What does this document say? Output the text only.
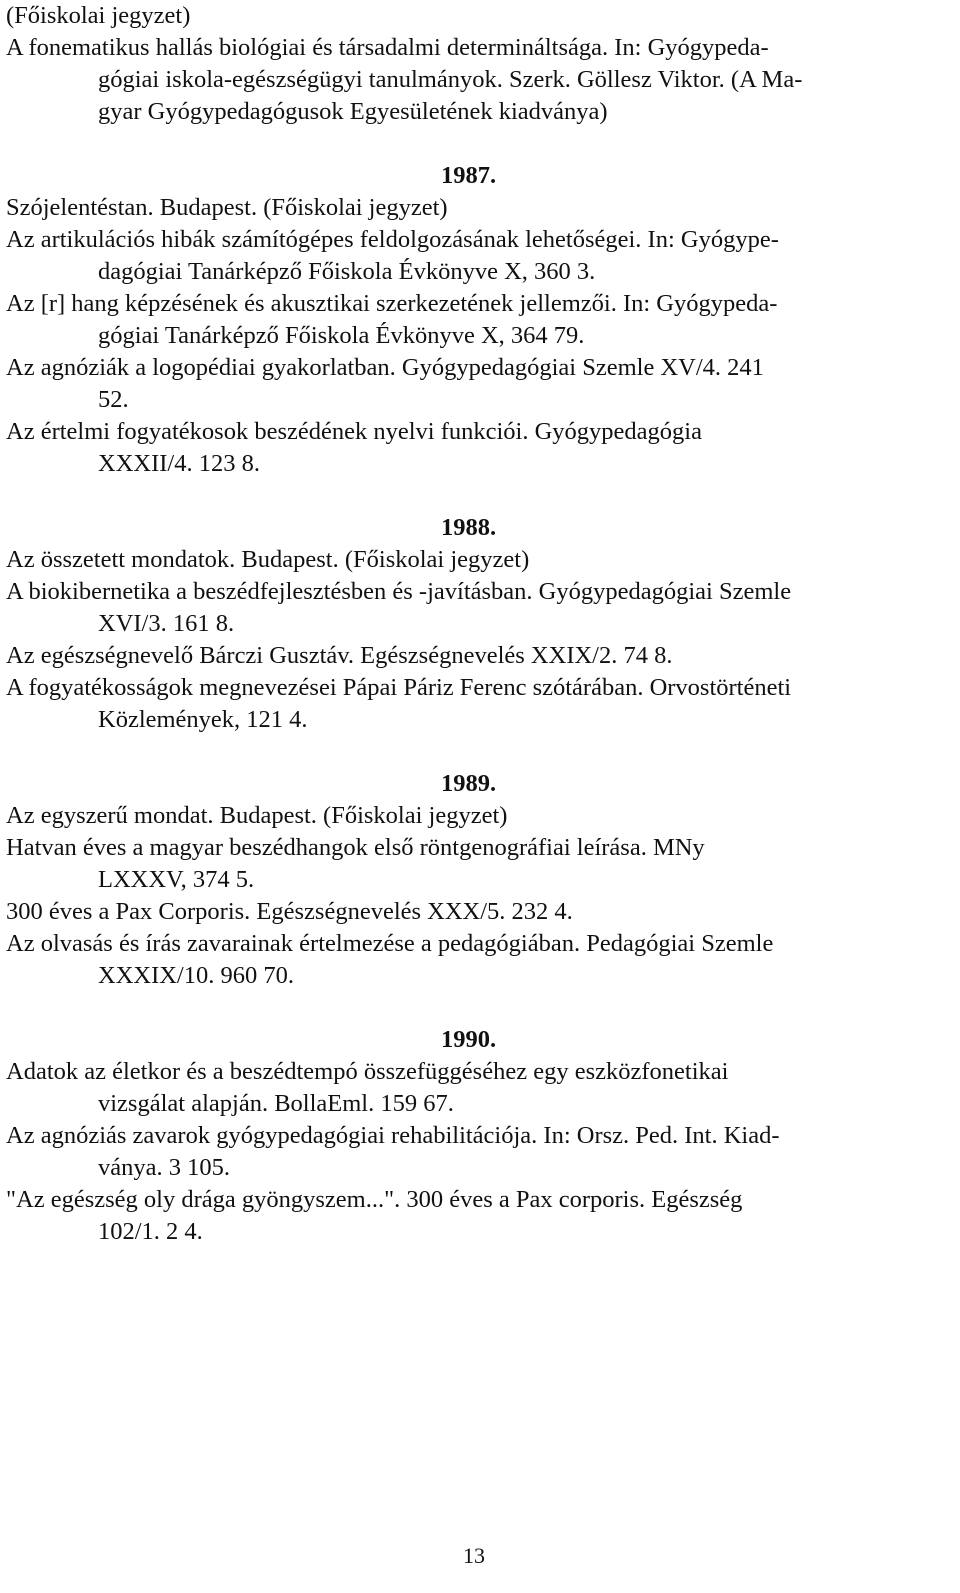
(Főiskolai jegyzet)
A fonematikus hallás biológiai és társadalmi determináltsága. In: Gyógypeda-
gógiai iskola-egészségügyi tanulmányok. Szerk. Göllesz Viktor. (A Ma-
gyar Gyógypedagógusok Egyesületének kiadványa)
1987.
Szójelentéstan. Budapest. (Főiskolai jegyzet)
Az artikulációs hibák számítógépes feldolgozásának lehetőségei. In: Gyógype-
dagógiai Tanárképző Főiskola Évkönyve X, 360 3.
Az [r] hang képzésének és akusztikai szerkezetének jellemzői. In: Gyógypeda-
gógiai Tanárképző Főiskola Évkönyve X, 364 79.
Az agnóziák a logopédiai gyakorlatban. Gyógypedagógiai Szemle XV/4. 241
52.
Az értelmi fogyatékosok beszédének nyelvi funkciói. Gyógypedagógia
XXXII/4. 123 8.
1988.
Az összetett mondatok. Budapest. (Főiskolai jegyzet)
A biokibernetika a beszédfejlesztésben és -javításban. Gyógypedagógiai Szemle
XVI/3. 161 8.
Az egészségnevelő Bárczi Gusztáv. Egészségnevelés XXIX/2. 74 8.
A fogyatékosságok megnevezései Pápai Páriz Ferenc szótárában. Orvostörténeti
Közlemények, 121 4.
1989.
Az egyszerű mondat. Budapest. (Főiskolai jegyzet)
Hatvan éves a magyar beszédhangok első röntgenográfiai leírása. MNy
LXXXV, 374 5.
300 éves a Pax Corporis. Egészségnevelés XXX/5. 232 4.
Az olvasás és írás zavarainak értelmezése a pedagógiában. Pedagógiai Szemle
XXXIX/10. 960 70.
1990.
Adatok az életkor és a beszédtempó összefüggéséhez egy eszközfonetikai
vizsgálat alapján. BollaEml. 159 67.
Az agnóziás zavarok gyógypedagógiai rehabilitációja. In: Orsz. Ped. Int. Kiad-
ványa. 3 105.
"Az egészség oly drága gyöngyszem...". 300 éves a Pax corporis. Egészség
102/1. 2 4.
13
